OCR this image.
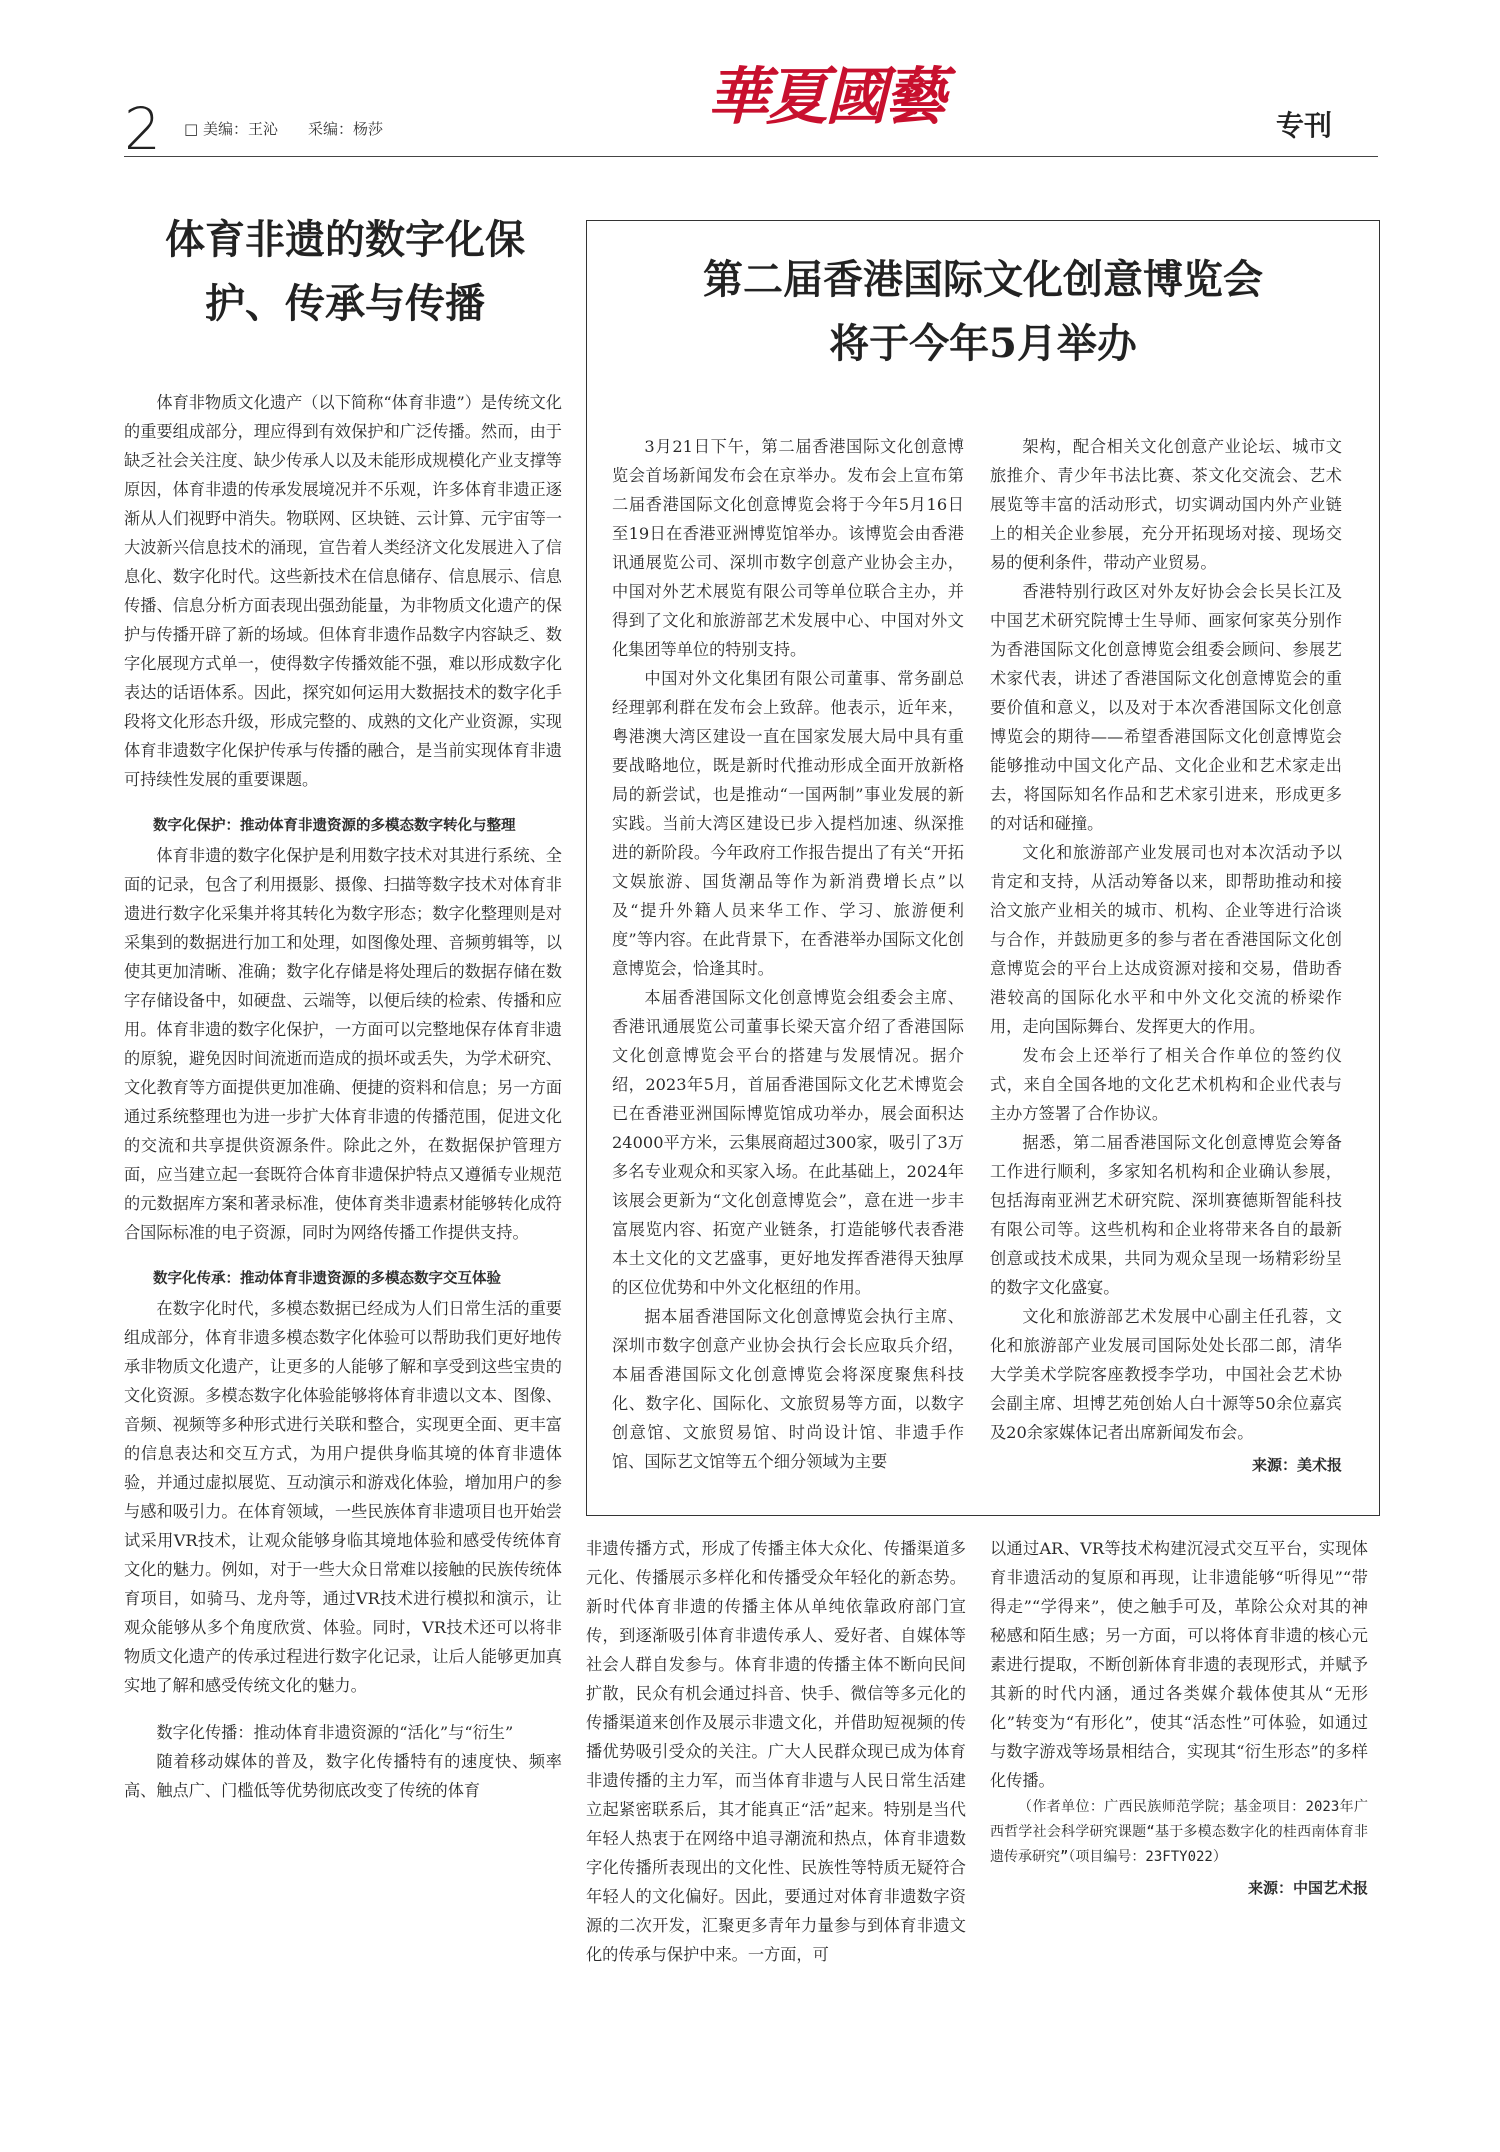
2 □ 美编：王沁　　采编：杨莎	華夏國藝	专刊
体育非遗的数字化保护、传承与传播

体育非物质文化遗产（以下简称“体育非遗”）是传统文化的重要组成部分，理应得到有效保护和广泛传播。然而，由于缺乏社会关注度、缺少传承人以及未能形成规模化产业支撑等原因，体育非遗的传承发展境况并不乐观，许多体育非遗正逐渐从人们视野中消失。物联网、区块链、云计算、元宇宙等一大波新兴信息技术的涌现，宣告着人类经济文化发展进入了信息化、数字化时代。这些新技术在信息储存、信息展示、信息传播、信息分析方面表现出强劲能量，为非物质文化遗产的保护与传播开辟了新的场域。但体育非遗作品数字内容缺乏、数字化展现方式单一，使得数字传播效能不强，难以形成数字化表达的话语体系。因此，探究如何运用大数据技术的数字化手段将文化形态升级，形成完整的、成熟的文化产业资源，实现体育非遗数字化保护传承与传播的融合，是当前实现体育非遗可持续性发展的重要课题。

数字化保护：推动体育非遗资源的多模态数字转化与整理

体育非遗的数字化保护是利用数字技术对其进行系统、全面的记录，包含了利用摄影、摄像、扫描等数字技术对体育非遗进行数字化采集并将其转化为数字形态；数字化整理则是对采集到的数据进行加工和处理，如图像处理、音频剪辑等，以使其更加清晰、准确；数字化存储是将处理后的数据存储在数字存储设备中，如硬盘、云端等，以便后续的检索、传播和应用。体育非遗的数字化保护，一方面可以完整地保存体育非遗的原貌，避免因时间流逝而造成的损坏或丢失，为学术研究、文化教育等方面提供更加准确、便捷的资料和信息；另一方面通过系统整理也为进一步扩大体育非遗的传播范围，促进文化的交流和共享提供资源条件。除此之外，在数据保护管理方面，应当建立起一套既符合体育非遗保护特点又遵循专业规范的元数据库方案和著录标准，使体育类非遗素材能够转化成符合国际标准的电子资源，同时为网络传播工作提供支持。

数字化传承：推动体育非遗资源的多模态数字交互体验

在数字化时代，多模态数据已经成为人们日常生活的重要组成部分，体育非遗多模态数字化体验可以帮助我们更好地传承非物质文化遗产，让更多的人能够了解和享受到这些宝贵的文化资源。多模态数字化体验能够将体育非遗以文本、图像、音频、视频等多种形式进行关联和整合，实现更全面、更丰富的信息表达和交互方式，为用户提供身临其境的体育非遗体验，并通过虚拟展览、互动演示和游戏化体验，增加用户的参与感和吸引力。在体育领域，一些民族体育非遗项目也开始尝试采用VR技术，让观众能够身临其境地体验和感受传统体育文化的魅力。例如，对于一些大众日常难以接触的民族传统体育项目，如骑马、龙舟等，通过VR技术进行模拟和演示，让观众能够从多个角度欣赏、体验。同时，VR技术还可以将非物质文化遗产的传承过程进行数字化记录，让后人能够更加真实地了解和感受传统文化的魅力。

数字化传播：推动体育非遗资源的“活化”与“衍生”

随着移动媒体的普及，数字化传播特有的速度快、频率高、触点广、门槛低等优势彻底改变了传统的体育

第二届香港国际文化创意博览会
将于今年5月举办

3月21日下午，第二届香港国际文化创意博览会首场新闻发布会在京举办。发布会上宣布第二届香港国际文化创意博览会将于今年5月16日至19日在香港亚洲博览馆举办。该博览会由香港讯通展览公司、深圳市数字创意产业协会主办，中国对外艺术展览有限公司等单位联合主办，并得到了文化和旅游部艺术发展中心、中国对外文化集团等单位的特别支持。

中国对外文化集团有限公司董事、常务副总经理郭利群在发布会上致辞。他表示，近年来，粤港澳大湾区建设一直在国家发展大局中具有重要战略地位，既是新时代推动形成全面开放新格局的新尝试，也是推动“一国两制”事业发展的新实践。当前大湾区建设已步入提档加速、纵深推进的新阶段。今年政府工作报告提出了有关“开拓文娱旅游、国货潮品等作为新消费增长点”以及“提升外籍人员来华工作、学习、旅游便利度”等内容。在此背景下，在香港举办国际文化创意博览会，恰逢其时。

本届香港国际文化创意博览会组委会主席、香港讯通展览公司董事长梁天富介绍了香港国际文化创意博览会平台的搭建与发展情况。据介绍，2023年5月，首届香港国际文化艺术博览会已在香港亚洲国际博览馆成功举办，展会面积达24000平方米，云集展商超过300家，吸引了3万多名专业观众和买家入场。在此基础上，2024年该展会更新为“文化创意博览会”，意在进一步丰富展览内容、拓宽产业链条，打造能够代表香港本土文化的文艺盛事，更好地发挥香港得天独厚的区位优势和中外文化枢纽的作用。

据本届香港国际文化创意博览会执行主席、深圳市数字创意产业协会执行会长应取兵介绍，本届香港国际文化创意博览会将深度聚焦科技化、数字化、国际化、文旅贸易等方面，以数字创意馆、文旅贸易馆、时尚设计馆、非遗手作馆、国际艺文馆等五个细分领域为主要

架构，配合相关文化创意产业论坛、城市文旅推介、青少年书法比赛、茶文化交流会、艺术展览等丰富的活动形式，切实调动国内外产业链上的相关企业参展，充分开拓现场对接、现场交易的便利条件，带动产业贸易。

香港特别行政区对外友好协会会长吴长江及中国艺术研究院博士生导师、画家何家英分别作为香港国际文化创意博览会组委会顾问、参展艺术家代表，讲述了香港国际文化创意博览会的重要价值和意义，以及对于本次香港国际文化创意博览会的期待——希望香港国际文化创意博览会能够推动中国文化产品、文化企业和艺术家走出去，将国际知名作品和艺术家引进来，形成更多的对话和碰撞。

文化和旅游部产业发展司也对本次活动予以肯定和支持，从活动筹备以来，即帮助推动和接洽文旅产业相关的城市、机构、企业等进行洽谈与合作，并鼓励更多的参与者在香港国际文化创意博览会的平台上达成资源对接和交易，借助香港较高的国际化水平和中外文化交流的桥梁作用，走向国际舞台、发挥更大的作用。

发布会上还举行了相关合作单位的签约仪式，来自全国各地的文化艺术机构和企业代表与主办方签署了合作协议。

据悉，第二届香港国际文化创意博览会筹备工作进行顺利，多家知名机构和企业确认参展，包括海南亚洲艺术研究院、深圳赛德斯智能科技有限公司等。这些机构和企业将带来各自的最新创意或技术成果，共同为观众呈现一场精彩纷呈的数字文化盛宴。

文化和旅游部艺术发展中心副主任孔蓉，文化和旅游部产业发展司国际处处长邵二郎，清华大学美术学院客座教授李学功，中国社会艺术协会副主席、坦博艺苑创始人白十源等50余位嘉宾及20余家媒体记者出席新闻发布会。

来源：美术报

非遗传播方式，形成了传播主体大众化、传播渠道多元化、传播展示多样化和传播受众年轻化的新态势。新时代体育非遗的传播主体从单纯依靠政府部门宣传，到逐渐吸引体育非遗传承人、爱好者、自媒体等社会人群自发参与。体育非遗的传播主体不断向民间扩散，民众有机会通过抖音、快手、微信等多元化的传播渠道来创作及展示非遗文化，并借助短视频的传播优势吸引受众的关注。广大人民群众现已成为体育非遗传播的主力军，而当体育非遗与人民日常生活建立起紧密联系后，其才能真正“活”起来。特别是当代年轻人热衷于在网络中追寻潮流和热点，体育非遗数字化传播所表现出的文化性、民族性等特质无疑符合年轻人的文化偏好。因此，要通过对体育非遗数字资源的二次开发，汇聚更多青年力量参与到体育非遗文化的传承与保护中来。一方面，可

以通过AR、VR等技术构建沉浸式交互平台，实现体育非遗活动的复原和再现，让非遗能够“听得见”“带得走”“学得来”，使之触手可及，革除公众对其的神秘感和陌生感；另一方面，可以将体育非遗的核心元素进行提取，不断创新体育非遗的表现形式，并赋予其新的时代内涵，通过各类媒介载体使其从“无形化”转变为“有形化”，使其“活态性”可体验，如通过与数字游戏等场景相结合，实现其“衍生形态”的多样化传播。

（作者单位：广西民族师范学院；基金项目：2023年广西哲学社会科学研究课题“基于多模态数字化的桂西南体育非遗传承研究”（项目编号：23FTY022）

来源：中国艺术报
